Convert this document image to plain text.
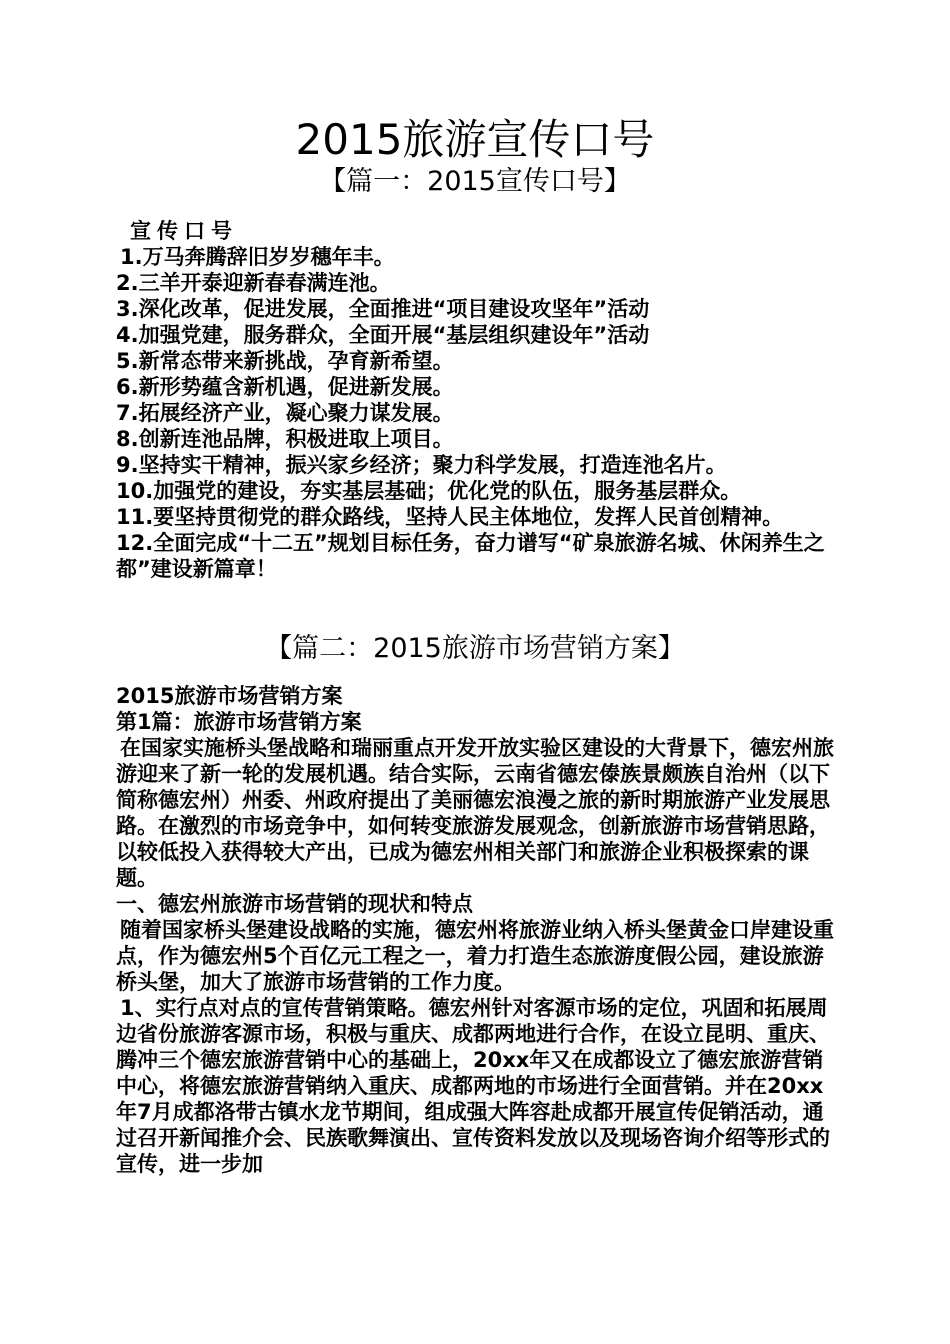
2015旅游宣传口号
【篇一：2015宣传口号】

宣传口号

1.万马奔腾辞旧岁岁穗年丰。

2.三羊开泰迎新春春满连池。

3.深化改革，促进发展，全面推进“项目建设攻坚年”活动

4.加强党建，服务群众，全面开展“基层组织建设年”活动

5.新常态带来新挑战，孕育新希望。

6.新形势蕴含新机遇，促进新发展。

7.拓展经济产业，凝心聚力谋发展。

8.创新连池品牌，积极进取上项目。

9.坚持实干精神，振兴家乡经济；聚力科学发展，打造连池名片。

10.加强党的建设，夯实基层基础；优化党的队伍，服务基层群众。

11.要坚持贯彻党的群众路线，坚持人民主体地位，发挥人民首创精神。

12.全面完成“十二五”规划目标任务，奋力谱写“矿泉旅游名城、休闲养生之都”建设新篇章！

【篇二：2015旅游市场营销方案】

2015旅游市场营销方案

第1篇：旅游市场营销方案

在国家实施桥头堡战略和瑞丽重点开发开放实验区建设的大背景下，德宏州旅游迎来了新一轮的发展机遇。结合实际，云南省德宏傣族景颇族自治州（以下简称德宏州）州委、州政府提出了美丽德宏浪漫之旅的新时期旅游产业发展思路。在激烈的市场竞争中，如何转变旅游发展观念，创新旅游市场营销思路，以较低投入获得较大产出，已成为德宏州相关部门和旅游企业积极探索的课题。

一、德宏州旅游市场营销的现状和特点

随着国家桥头堡建设战略的实施，德宏州将旅游业纳入桥头堡黄金口岸建设重点，作为德宏州5个百亿元工程之一，着力打造生态旅游度假公园，建设旅游桥头堡，加大了旅游市场营销的工作力度。

1、实行点对点的宣传营销策略。德宏州针对客源市场的定位，巩固和拓展周边省份旅游客源市场，积极与重庆、成都两地进行合作，在设立昆明、重庆、腾冲三个德宏旅游营销中心的基础上，20xx年又在成都设立了德宏旅游营销中心，将德宏旅游营销纳入重庆、成都两地的市场进行全面营销。并在20xx年7月成都洛带古镇水龙节期间，组成强大阵容赴成都开展宣传促销活动，通过召开新闻推介会、民族歌舞演出、宣传资料发放以及现场咨询介绍等形式的宣传，进一步加
